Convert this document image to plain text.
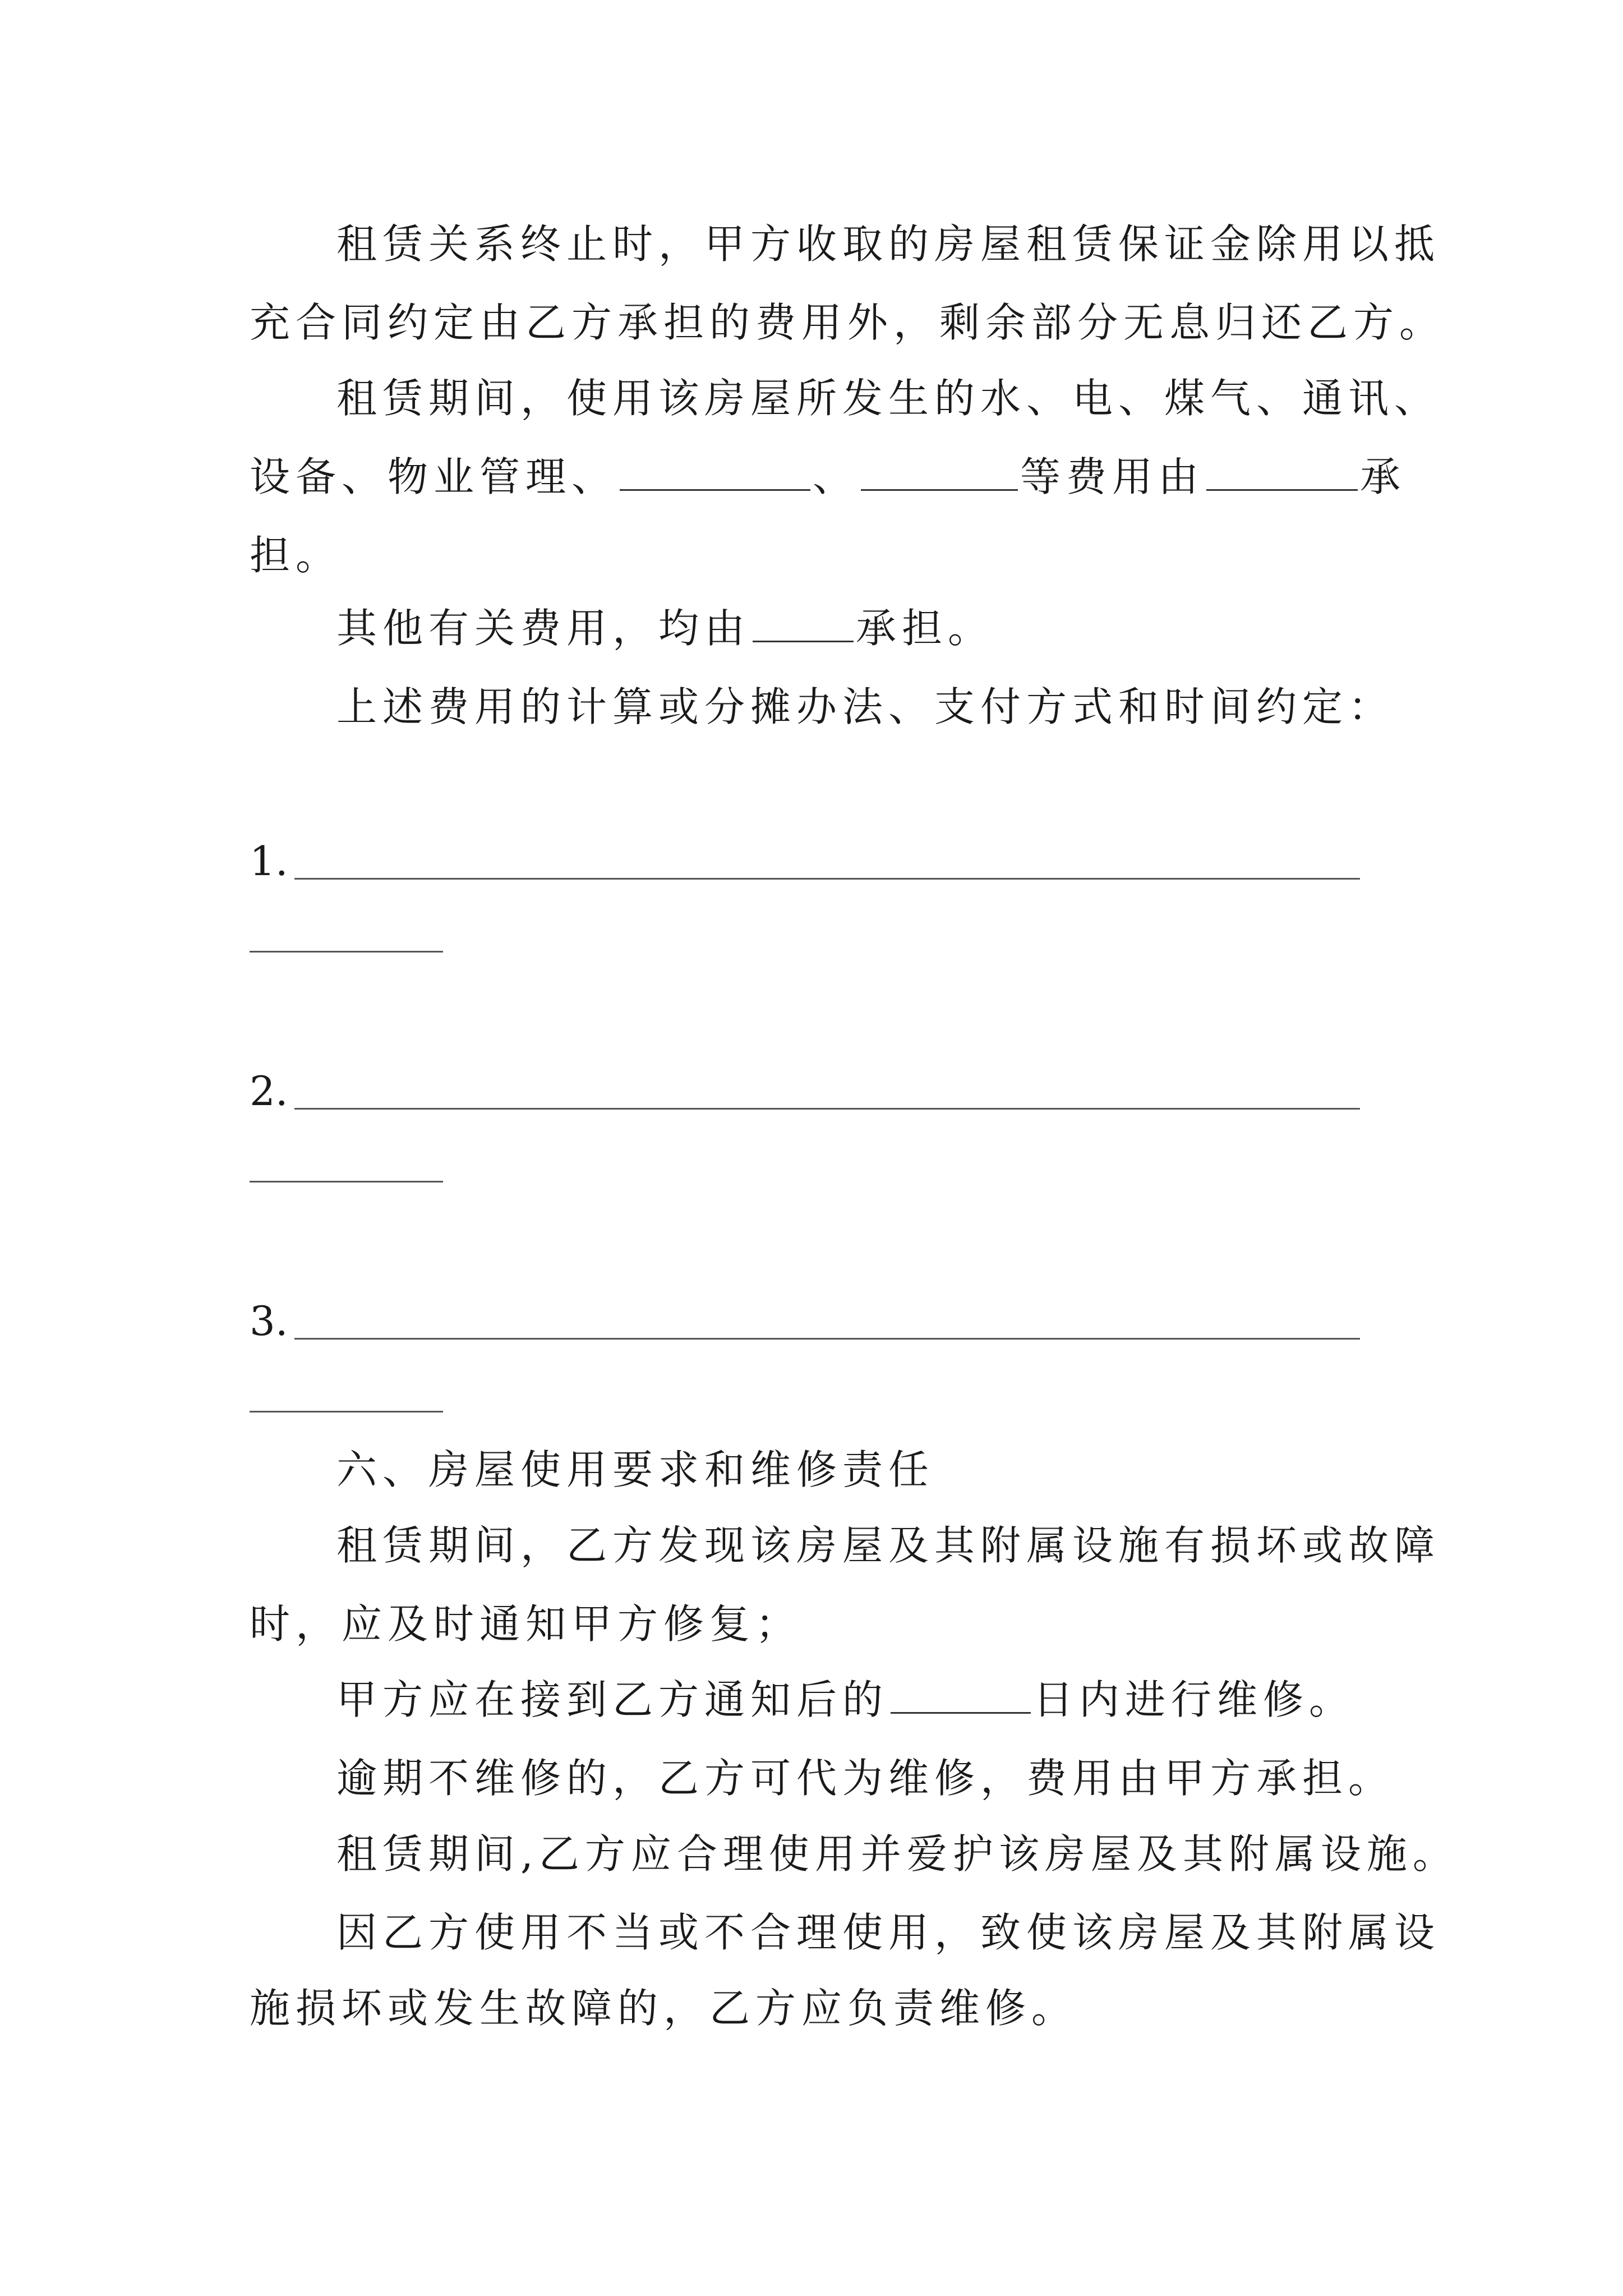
租赁关系终止时，甲方收取的房屋租赁保证金除用以抵
充合同约定由乙方承担的费用外，剩余部分无息归还乙方。
租赁期间，使用该房屋所发生的水、电、煤气、通讯、
设备、物业管理、	、	等费用由	承
担。
其他有关费用，均由	承担。
上述费用的计算或分摊办法、支付方式和时间约定：
1.
2.
3.
六、房屋使用要求和维修责任
租赁期间，乙方发现该房屋及其附属设施有损坏或故障
时，应及时通知甲方修复；
甲方应在接到乙方通知后的	日内进行维修。
逾期不维修的，乙方可代为维修，费用由甲方承担。
租赁期间,乙方应合理使用并爱护该房屋及其附属设施。
因乙方使用不当或不合理使用，致使该房屋及其附属设
施损坏或发生故障的，乙方应负责维修。
